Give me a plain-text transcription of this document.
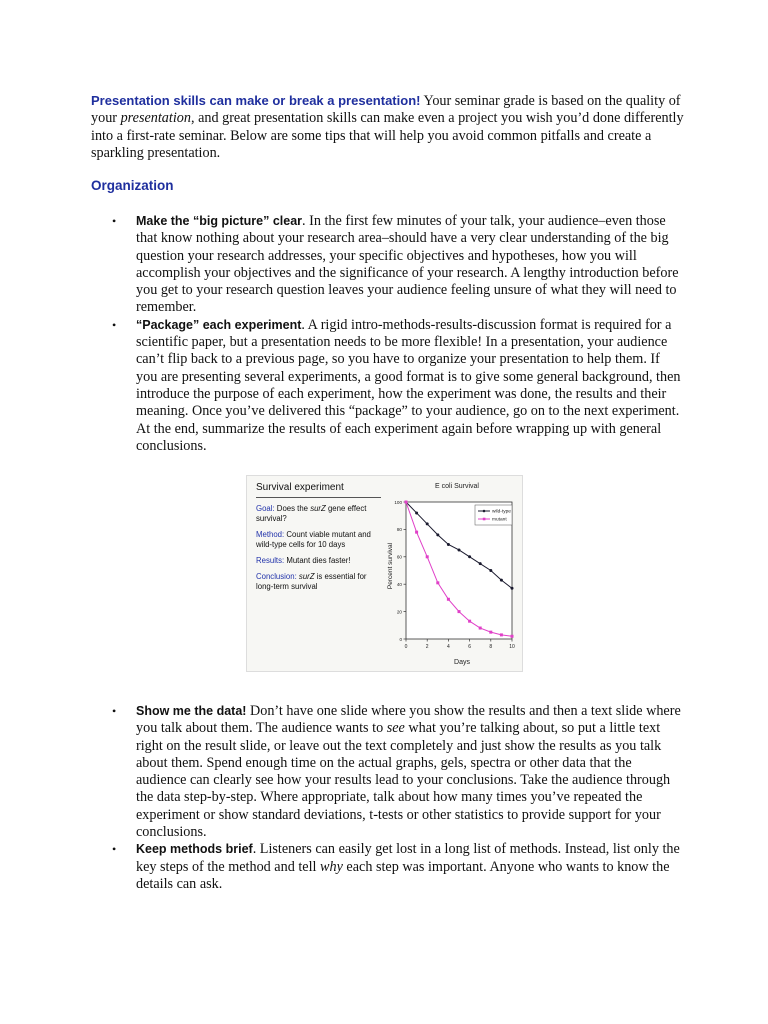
Presentation skills can make or break a presentation! Your seminar grade is based on the quality of your presentation, and great presentation skills can make even a project you wish you’d done differently into a first-rate seminar. Below are some tips that will help you avoid common pitfalls and create a sparkling presentation.

Organization
• Make the “big picture” clear. In the first few minutes of your talk, your audience–even those that know nothing about your research area–should have a very clear understanding of the big question your research addresses, your specific objectives and hypotheses, how you will accomplish your objectives and the significance of your research. A lengthy introduction before you get to your research question leaves your audience feeling unsure of what they will need to remember.
• “Package” each experiment. A rigid intro-methods-results-discussion format is required for a scientific paper, but a presentation needs to be more flexible! In a presentation, your audience can’t flip back to a previous page, so you have to organize your presentation to help them. If you are presenting several experiments, a good format is to give some general background, then introduce the purpose of each experiment, how the experiment was done, the results and their meaning. Once you’ve delivered this “package” to your audience, go on to the next experiment. At the end, summarize the results of each experiment again before wrapping up with general conclusions.
Survival experiment
Goal: Does the surZ gene effect survival?
Method: Count viable mutant and wild-type cells for 10 days
Results: Mutant dies faster!
Conclusion: surZ is essential for long-term survival
E coli Survival
Days
Percent survival
0	2	4	6	8	10
0
20
40
60
80
100
wild-type
mutant
• Show me the data! Don’t have one slide where you show the results and then a text slide where you talk about them. The audience wants to see what you’re talking about, so put a little text right on the result slide, or leave out the text completely and just show the results as you talk about them. Spend enough time on the actual graphs, gels, spectra or other data that the audience can clearly see how your results lead to your conclusions. Take the audience through the data step-by-step. Where appropriate, talk about how many times you’ve repeated the experiment or show standard deviations, t-tests or other statistics to provide support for your conclusions.
• Keep methods brief. Listeners can easily get lost in a long list of methods. Instead, list only the key steps of the method and tell why each step was important. Anyone who wants to know the details can ask.
